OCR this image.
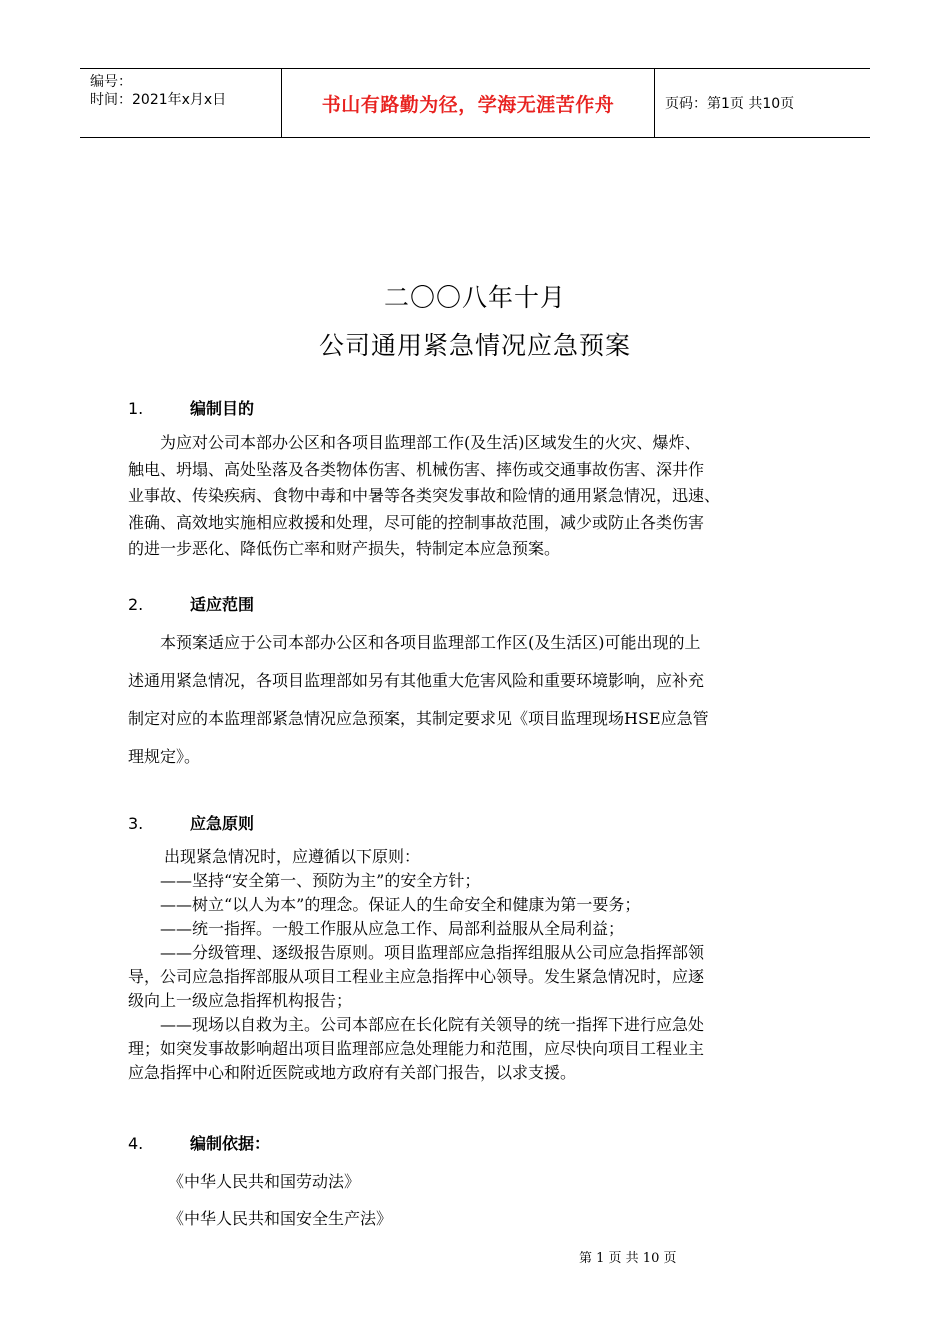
编号：
时间：2021年x月x日	书山有路勤为径，学海无涯苦作舟	页码：第1页 共10页
二〇〇八年十月
公司通用紧急情况应急预案
1.	编制目的
为应对公司本部办公区和各项目监理部工作(及生活)区域发生的火灾、爆炸、
触电、坍塌、高处坠落及各类物体伤害、机械伤害、摔伤或交通事故伤害、深井作
业事故、传染疾病、食物中毒和中暑等各类突发事故和险情的通用紧急情况，迅速、
准确、高效地实施相应救援和处理，尽可能的控制事故范围，减少或防止各类伤害
的进一步恶化、降低伤亡率和财产损失，特制定本应急预案。
2.	适应范围
本预案适应于公司本部办公区和各项目监理部工作区(及生活区)可能出现的上
述通用紧急情况，各项目监理部如另有其他重大危害风险和重要环境影响，应补充
制定对应的本监理部紧急情况应急预案，其制定要求见《项目监理现场HSE应急管
理规定》。
3.	应急原则
出现紧急情况时，应遵循以下原则：
——坚持“安全第一、预防为主”的安全方针；
——树立“以人为本”的理念。保证人的生命安全和健康为第一要务；
——统一指挥。一般工作服从应急工作、局部利益服从全局利益；
——分级管理、逐级报告原则。项目监理部应急指挥组服从公司应急指挥部领
导，公司应急指挥部服从项目工程业主应急指挥中心领导。发生紧急情况时，应逐
级向上一级应急指挥机构报告；
——现场以自救为主。公司本部应在长化院有关领导的统一指挥下进行应急处
理；如突发事故影响超出项目监理部应急处理能力和范围，应尽快向项目工程业主
应急指挥中心和附近医院或地方政府有关部门报告，以求支援。
4.	编制依据：
《中华人民共和国劳动法》
《中华人民共和国安全生产法》
第 1 页 共 10 页
